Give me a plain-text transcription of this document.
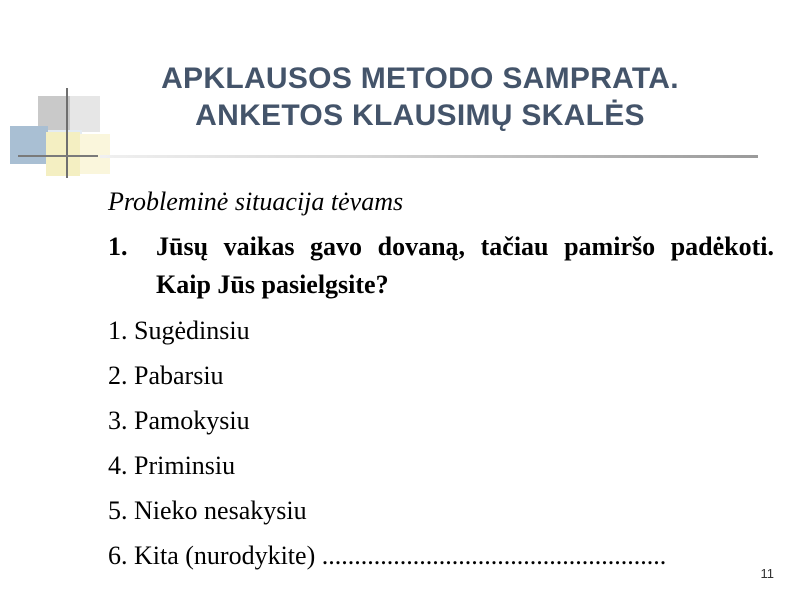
APKLAUSOS METODO SAMPRATA.
ANKETOS KLAUSIMŲ SKALĖS

Probleminė situacija tėvams

1.	Jūsų vaikas gavo dovaną, tačiau pamiršo padėkoti. Kaip Jūs pasielgsite?
1. Sugėdinsiu
2. Pabarsiu
3. Pamokysiu
4. Priminsiu
5. Nieko nesakysiu
6. Kita (nurodykite) .....................................................
11
